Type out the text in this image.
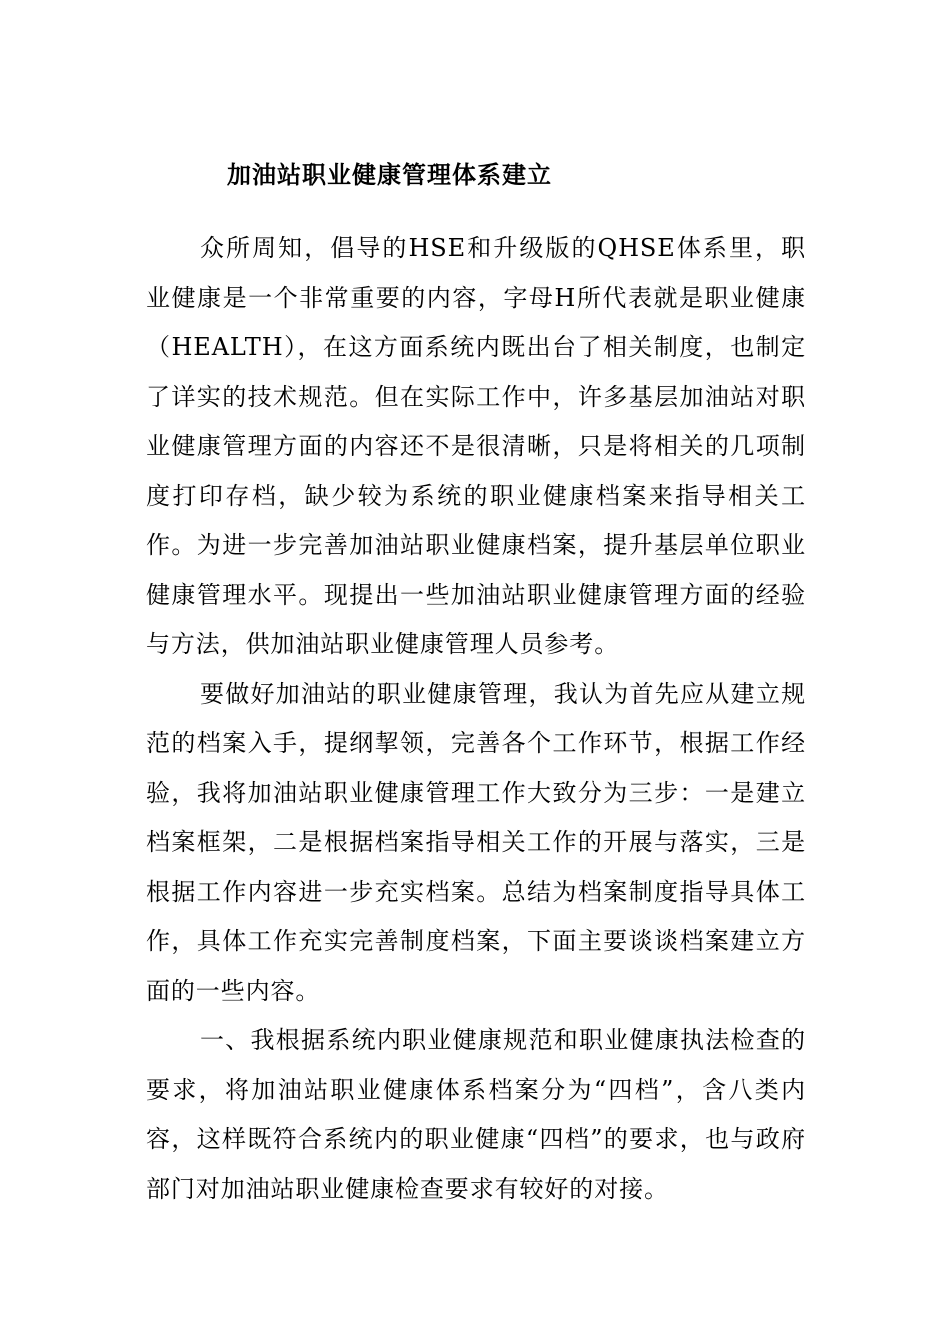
加油站职业健康管理体系建立

众所周知，倡导的HSE和升级版的QHSE体系里，职业健康是一个非常重要的内容，字母H所代表就是职业健康（HEALTH），在这方面系统内既出台了相关制度，也制定了详实的技术规范。但在实际工作中，许多基层加油站对职业健康管理方面的内容还不是很清晰，只是将相关的几项制度打印存档，缺少较为系统的职业健康档案来指导相关工作。为进一步完善加油站职业健康档案，提升基层单位职业健康管理水平。现提出一些加油站职业健康管理方面的经验与方法，供加油站职业健康管理人员参考。

要做好加油站的职业健康管理，我认为首先应从建立规范的档案入手，提纲挈领，完善各个工作环节，根据工作经验，我将加油站职业健康管理工作大致分为三步：一是建立档案框架，二是根据档案指导相关工作的开展与落实，三是根据工作内容进一步充实档案。总结为档案制度指导具体工作，具体工作充实完善制度档案，下面主要谈谈档案建立方面的一些内容。

一、我根据系统内职业健康规范和职业健康执法检查的要求，将加油站职业健康体系档案分为“四档”，含八类内容，这样既符合系统内的职业健康“四档”的要求，也与政府部门对加油站职业健康检查要求有较好的对接。
